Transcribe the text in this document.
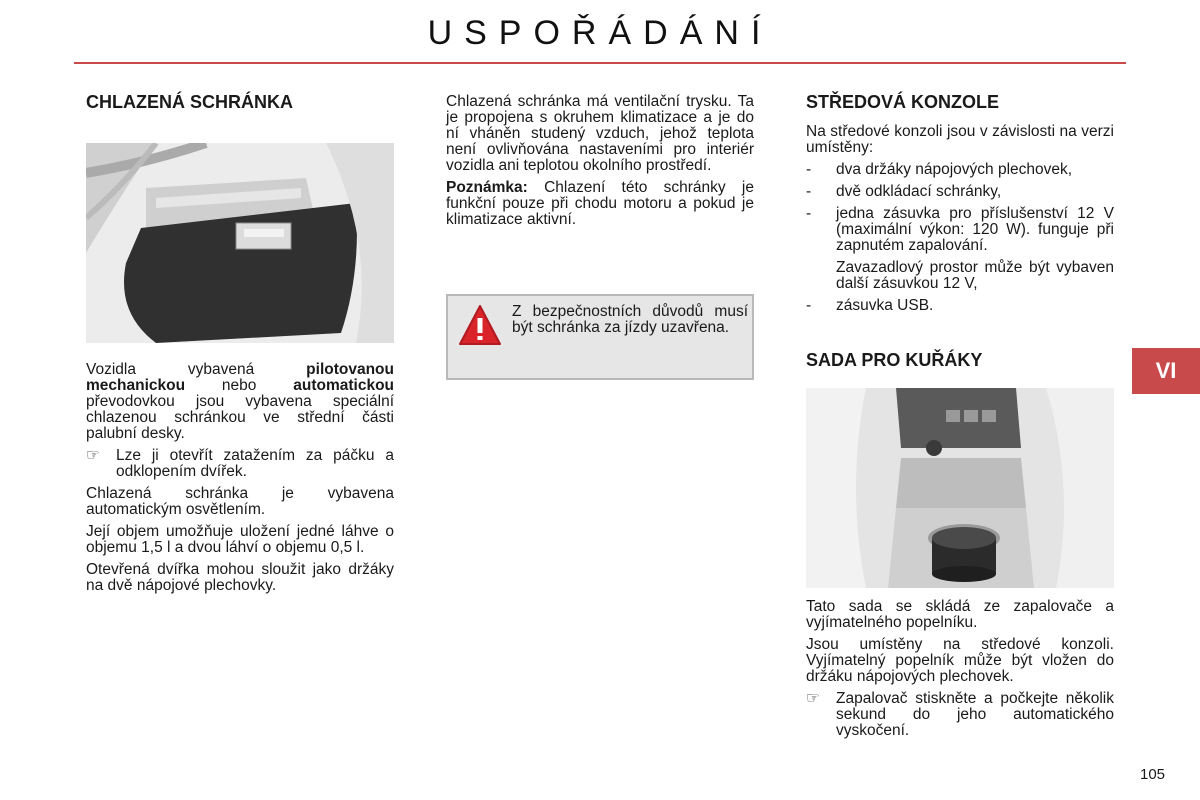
USPOŘÁDÁNÍ
CHLAZENÁ SCHRÁNKA

Vozidla vybavená pilotovanou mechanickou nebo automatickou převodovkou jsou vybavena speciální chlazenou schránkou ve střední části palubní desky.

☞	Lze ji otevřít zatažením za páčku a odklopením dvířek.

Chlazená schránka je vybavena automatickým osvětlením.

Její objem umožňuje uložení jedné láhve o objemu 1,5 l a dvou láhví o objemu 0,5 l.

Otevřená dvířka mohou sloužit jako držáky na dvě nápojové plechovky.

Chlazená schránka má ventilační trysku. Ta je propojena s okruhem klimatizace a je do ní vháněn studený vzduch, jehož teplota není ovlivňována nastaveními pro interiér vozidla ani teplotou okolního prostředí.

Poznámka: Chlazení této schránky je funkční pouze při chodu motoru a pokud je klimatizace aktivní.

Z bezpečnostních důvodů musí být schránka za jízdy uzavřena.
STŘEDOVÁ KONZOLE

Na středové konzoli jsou v závislosti na verzi umístěny:

-	dva držáky nápojových plechovek,
-	dvě odkládací schránky,
-	jedna zásuvka pro příslušenství 12 V (maximální výkon: 120 W). funguje při zapnutém zapalování.
Zavazadlový prostor může být vybaven další zásuvkou 12 V,
-	zásuvka USB.
SADA PRO KUŘÁKY

Tato sada se skládá ze zapalovače a vyjímatelného popelníku.

Jsou umístěny na středové konzoli. Vyjímatelný popelník může být vložen do držáku nápojových plechovek.

☞	Zapalovač stiskněte a počkejte několik sekund do jeho automatického vyskočení.
VI
105
